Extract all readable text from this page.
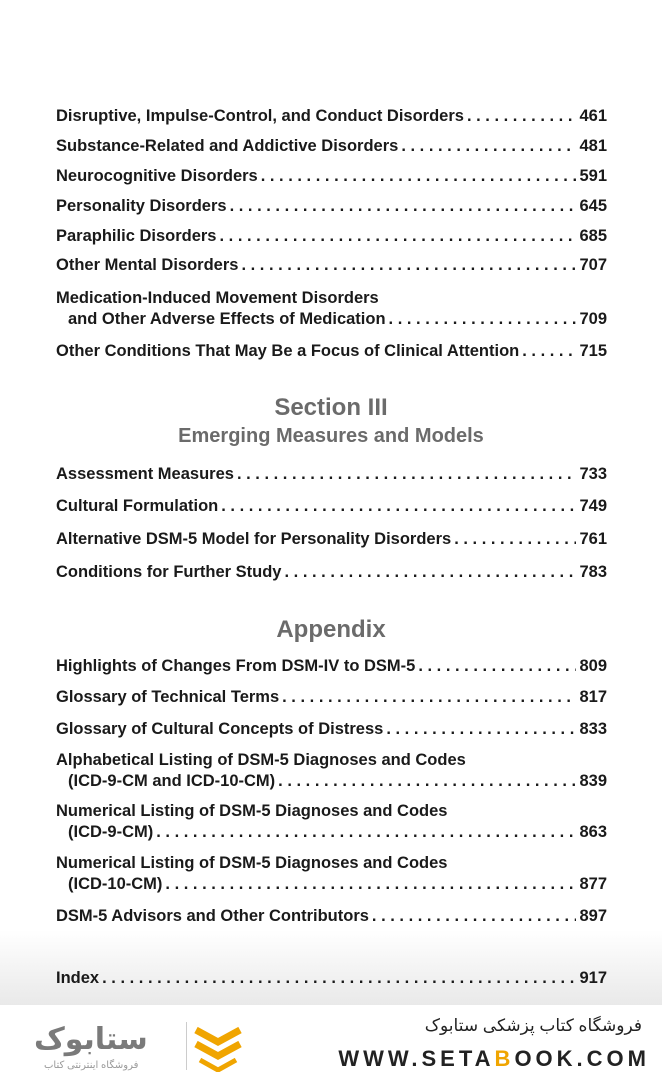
Disruptive, Impulse-Control, and Conduct Disorders . . .	461
Substance-Related and Addictive Disorders . . .	481
Neurocognitive Disorders . . .	591
Personality Disorders . . .	645
Paraphilic Disorders . . .	685
Other Mental Disorders . . .	707
Medication-Induced Movement Disorders
and Other Adverse Effects of Medication . . .	709
Other Conditions That May Be a Focus of Clinical Attention . . .	715
Section III
Emerging Measures and Models
Assessment Measures . . .	733
Cultural Formulation . . .	749
Alternative DSM-5 Model for Personality Disorders . . .	761
Conditions for Further Study . . .	783
Appendix
Highlights of Changes From DSM-IV to DSM-5 . . .	809
Glossary of Technical Terms . . .	817
Glossary of Cultural Concepts of Distress . . .	833
Alphabetical Listing of DSM-5 Diagnoses and Codes
(ICD-9-CM and ICD-10-CM) . . .	839
Numerical Listing of DSM-5 Diagnoses and Codes
(ICD-9-CM) . . .	863
Numerical Listing of DSM-5 Diagnoses and Codes
(ICD-10-CM) . . .	877
DSM-5 Advisors and Other Contributors . . .	897
Index . . .	917
ستابوک
فروشگاه اینترنتی کتاب
فروشگاه کتاب پزشکی ستابوک
WWW.SETABOOK.COM
